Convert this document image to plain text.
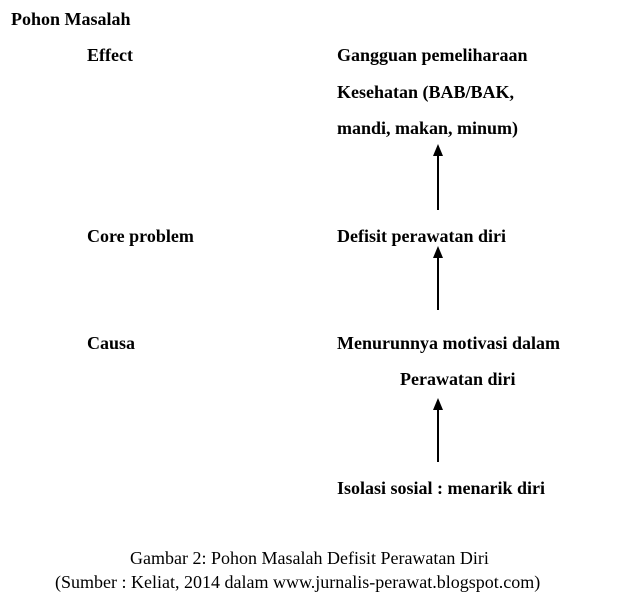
Pohon Masalah
Effect	Gangguan pemeliharaan
Kesehatan (BAB/BAK,
mandi, makan, minum)
Core problem	Defisit perawatan diri
Causa	Menurunnya motivasi dalam
Perawatan diri
Isolasi sosial : menarik diri
Gambar 2: Pohon Masalah Defisit Perawatan Diri
(Sumber : Keliat, 2014 dalam www.jurnalis-perawat.blogspot.com)
